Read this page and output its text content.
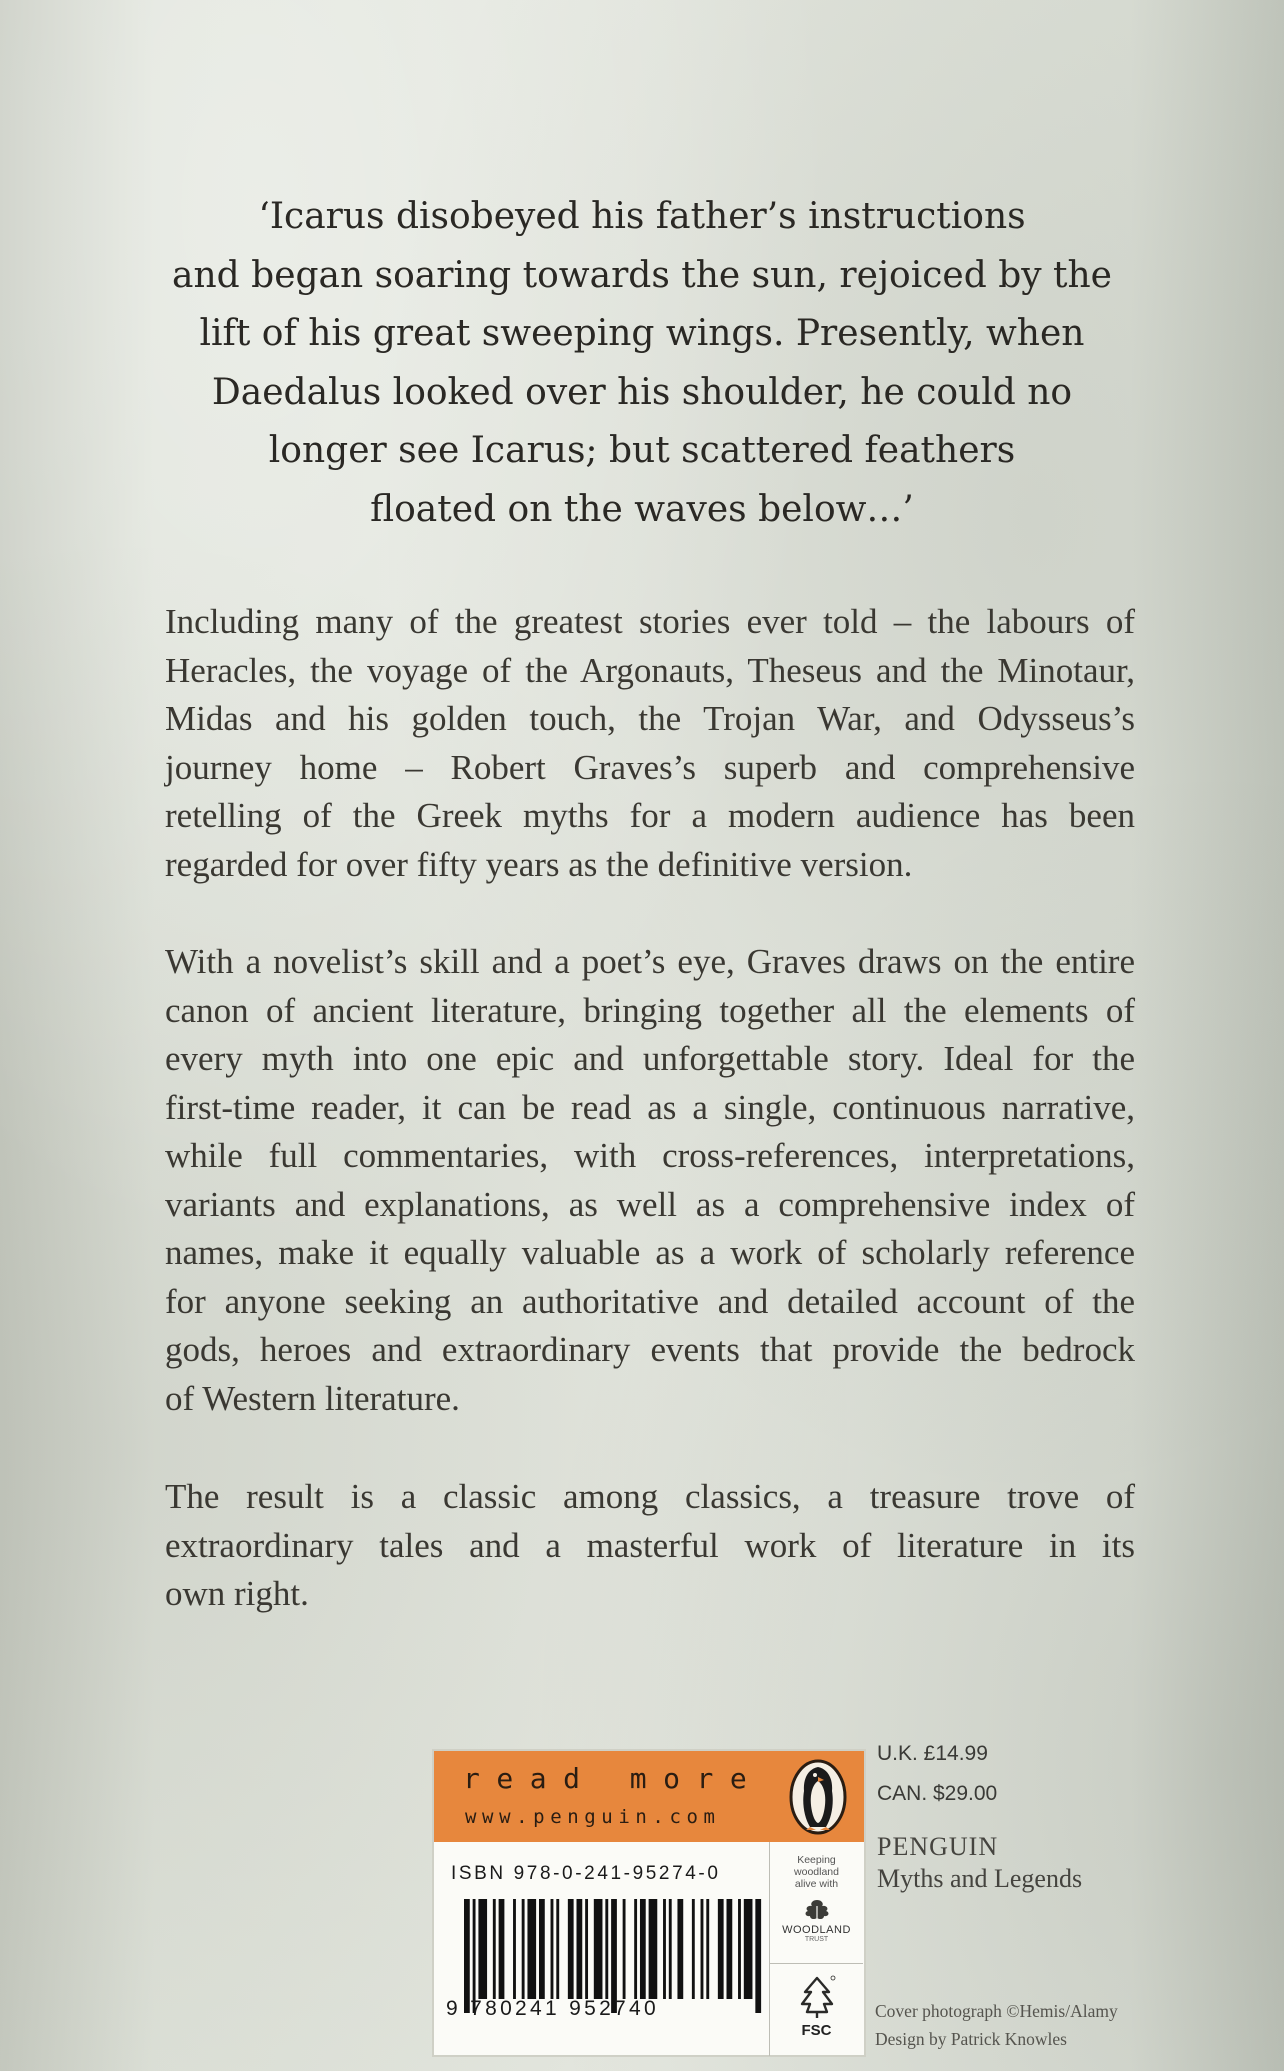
‘Icarus disobeyed his father’s instructions
and began soaring towards the sun, rejoiced by the
lift of his great sweeping wings. Presently, when
Daedalus looked over his shoulder, he could no
longer see Icarus; but scattered feathers
floated on the waves below…’
Including many of the greatest stories ever told – the labours of
Heracles, the voyage of the Argonauts, Theseus and the Minotaur,
Midas and his golden touch, the Trojan War, and Odysseus’s
journey home – Robert Graves’s superb and comprehensive
retelling of the Greek myths for a modern audience has been
regarded for over fifty years as the definitive version.
With a novelist’s skill and a poet’s eye, Graves draws on the entire
canon of ancient literature, bringing together all the elements of
every myth into one epic and unforgettable story. Ideal for the
first-time reader, it can be read as a single, continuous narrative,
while full commentaries, with cross-references, interpretations,
variants and explanations, as well as a comprehensive index of
names, make it equally valuable as a work of scholarly reference
for anyone seeking an authoritative and detailed account of the
gods, heroes and extraordinary events that provide the bedrock
of Western literature.
The result is a classic among classics, a treasure trove of
extraordinary tales and a masterful work of literature in its
own right.
read more
www.penguin.com
ISBN 978-0-241-95274-0
9 780241 952740
Keeping
woodland
alive with
WOODLAND
TRUST
FSC
U.K. £14.99
CAN. $29.00
PENGUIN
Myths and Legends
Cover photograph ©Hemis/Alamy
Design by Patrick Knowles
